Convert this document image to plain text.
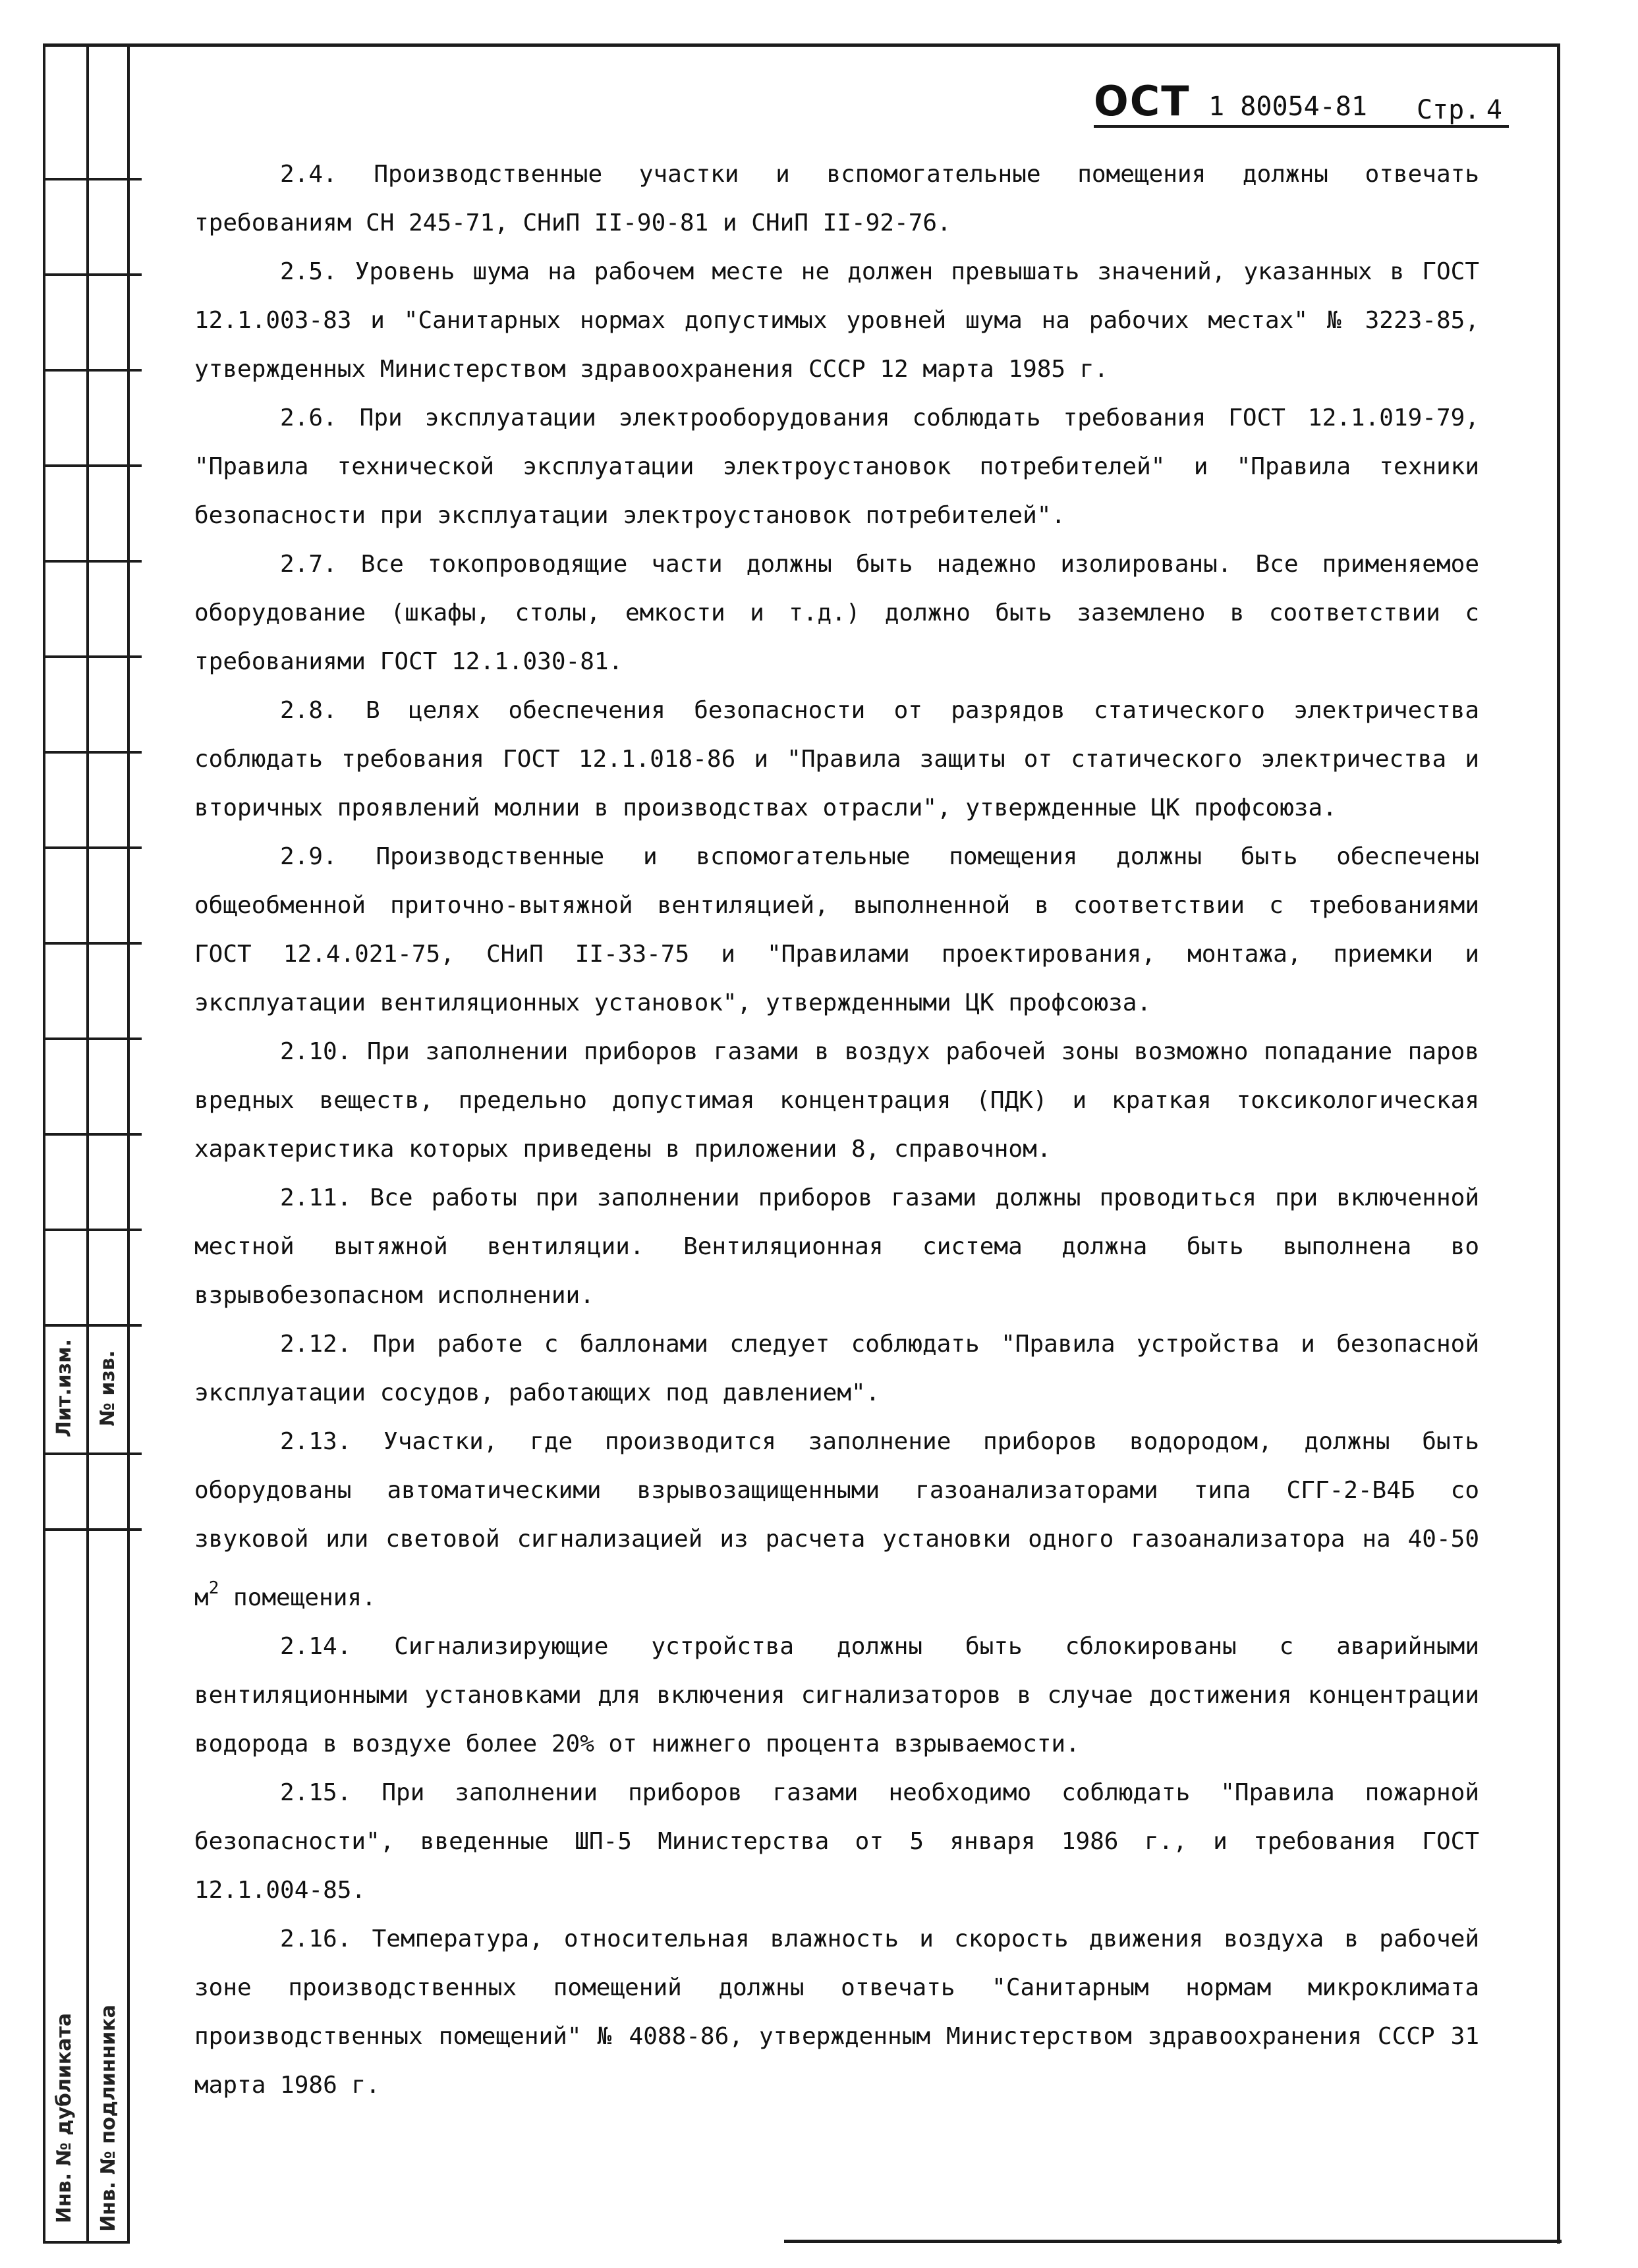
Лит.изм. № изв.
Инв. № дубликата Инв. № подлинника
ОСТ 1 80054-81 Стр. 4

2.4. Производственные участки и вспомогательные помещения должны отвечать требованиям СН 245-71, СНиП II-90-81 и СНиП II-92-76.

2.5. Уровень шума на рабочем месте не должен превышать значений, указанных в ГОСТ 12.1.003-83 и "Санитарных нормах допустимых уровней шума на рабочих местах" № 3223-85, утвержденных Министерством здравоохранения СССР 12 марта 1985 г.

2.6. При эксплуатации электрооборудования соблюдать требования ГОСТ 12.1.019-79, "Правила технической эксплуатации электроустановок потребителей" и "Правила техники безопасности при эксплуатации электроустановок потребителей".

2.7. Все токопроводящие части должны быть надежно изолированы. Все применяемое оборудование (шкафы, столы, емкости и т.д.) должно быть заземлено в соответствии с требованиями ГОСТ 12.1.030-81.

2.8. В целях обеспечения безопасности от разрядов статического электричества соблюдать требования ГОСТ 12.1.018-86 и "Правила защиты от статического электричества и вторичных проявлений молнии в производствах отрасли", утвержденные ЦК профсоюза.

2.9. Производственные и вспомогательные помещения должны быть обеспечены общеобменной приточно-вытяжной вентиляцией, выполненной в соответствии с требованиями ГОСТ 12.4.021-75, СНиП II-33-75 и "Правилами проектирования, монтажа, приемки и эксплуатации вентиляционных установок", утвержденными ЦК профсоюза.

2.10. При заполнении приборов газами в воздух рабочей зоны возможно попадание паров вредных веществ, предельно допустимая концентрация (ПДК) и краткая токсикологическая характеристика которых приведены в приложении 8, справочном.

2.11. Все работы при заполнении приборов газами должны проводиться при включенной местной вытяжной вентиляции. Вентиляционная система должна быть выполнена во взрывобезопасном исполнении.

2.12. При работе с баллонами следует соблюдать "Правила устройства и безопасной эксплуатации сосудов, работающих под давлением".

2.13. Участки, где производится заполнение приборов водородом, должны быть оборудованы автоматическими взрывозащищенными газоанализаторами типа СГГ-2-В4Б со звуковой или световой сигнализацией из расчета установки одного газоанализатора на 40-50 $м^2$ помещения.

2.14. Сигнализирующие устройства должны быть сблокированы с аварийными вентиляционными установками для включения сигнализаторов в случае достижения концентрации водорода в воздухе более 20% от нижнего процента взрываемости.

2.15. При заполнении приборов газами необходимо соблюдать "Правила пожарной безопасности", введенные ШП-5 Министерства от 5 января 1986 г., и требования ГОСТ 12.1.004-85.

2.16. Температура, относительная влажность и скорость движения воздуха в рабочей зоне производственных помещений должны отвечать "Санитарным нормам микроклимата производственных помещений" № 4088-86, утвержденным Министерством здравоохранения СССР 31 марта 1986 г.
